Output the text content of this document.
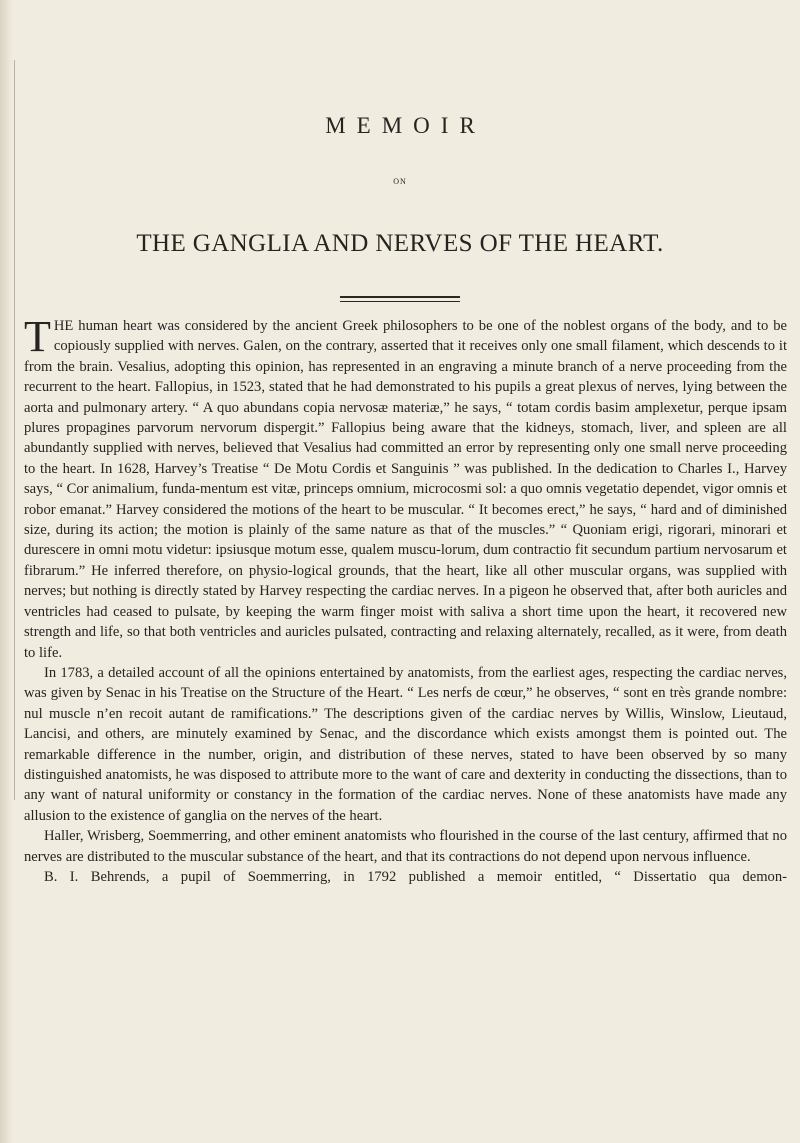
MEMOIR
ON
THE GANGLIA AND NERVES OF THE HEART.

THE human heart was considered by the ancient Greek philosophers to be one of the noblest organs of the body, and to be copiously supplied with nerves. Galen, on the contrary, asserted that it receives only one small filament, which descends to it from the brain. Vesalius, adopting this opinion, has represented in an engraving a minute branch of a nerve proceeding from the recurrent to the heart. Fallopius, in 1523, stated that he had demonstrated to his pupils a great plexus of nerves, lying between the aorta and pulmonary artery. “ A quo abundans copia nervosæ materiæ,” he says, “ totam cordis basim amplexetur, perque ipsam plures propagines parvorum nervorum dispergit.” Fallopius being aware that the kidneys, stomach, liver, and spleen are all abundantly supplied with nerves, believed that Vesalius had committed an error by representing only one small nerve proceeding to the heart. In 1628, Harvey’s Treatise “ De Motu Cordis et Sanguinis ” was published. In the dedication to Charles I., Harvey says, “ Cor animalium, funda-mentum est vitæ, princeps omnium, microcosmi sol: a quo omnis vegetatio dependet, vigor omnis et robor emanat.” Harvey considered the motions of the heart to be muscular. “ It becomes erect,” he says, “ hard and of diminished size, during its action; the motion is plainly of the same nature as that of the muscles.” “ Quoniam erigi, rigorari, minorari et durescere in omni motu videtur: ipsiusque motum esse, qualem muscu-lorum, dum contractio fit secundum partium nervosarum et fibrarum.” He inferred therefore, on physio-logical grounds, that the heart, like all other muscular organs, was supplied with nerves; but nothing is directly stated by Harvey respecting the cardiac nerves. In a pigeon he observed that, after both auricles and ventricles had ceased to pulsate, by keeping the warm finger moist with saliva a short time upon the heart, it recovered new strength and life, so that both ventricles and auricles pulsated, contracting and relaxing alternately, recalled, as it were, from death to life.

In 1783, a detailed account of all the opinions entertained by anatomists, from the earliest ages, respecting the cardiac nerves, was given by Senac in his Treatise on the Structure of the Heart. “ Les nerfs de cœur,” he observes, “ sont en très grande nombre: nul muscle n’en recoit autant de ramifications.” The descriptions given of the cardiac nerves by Willis, Winslow, Lieutaud, Lancisi, and others, are minutely examined by Senac, and the discordance which exists amongst them is pointed out. The remarkable difference in the number, origin, and distribution of these nerves, stated to have been observed by so many distinguished anatomists, he was disposed to attribute more to the want of care and dexterity in conducting the dissections, than to any want of natural uniformity or constancy in the formation of the cardiac nerves. None of these anatomists have made any allusion to the existence of ganglia on the nerves of the heart.

Haller, Wrisberg, Soemmerring, and other eminent anatomists who flourished in the course of the last century, affirmed that no nerves are distributed to the muscular substance of the heart, and that its contractions do not depend upon nervous influence.

B. I. Behrends, a pupil of Soemmerring, in 1792 published a memoir entitled, “ Dissertatio qua demon-
